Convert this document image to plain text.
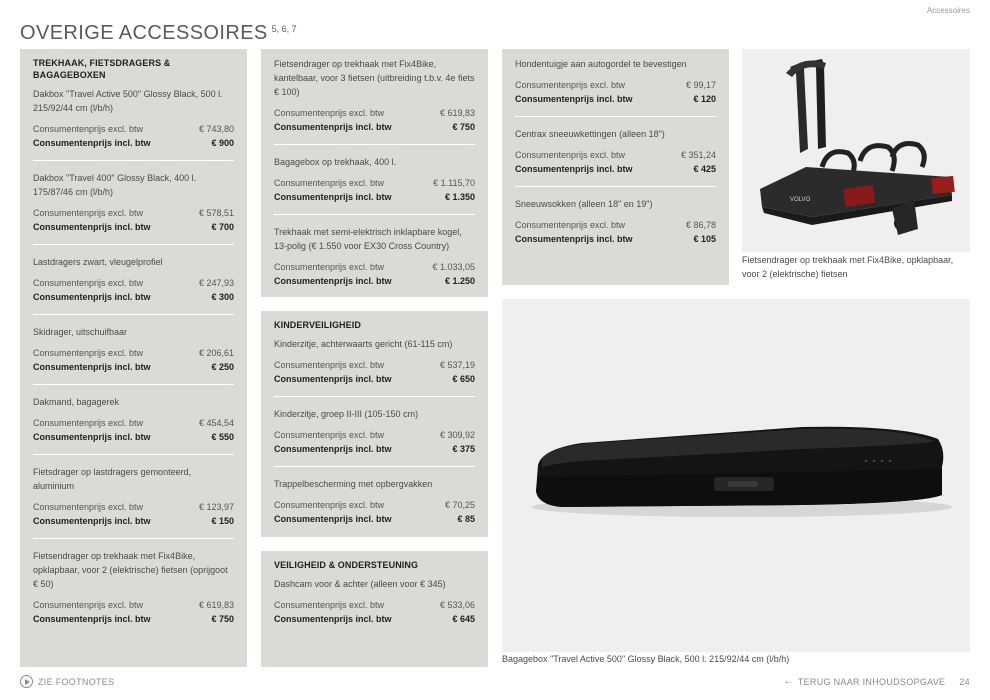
Accessoires
OVERIGE ACCESSOIRES $^{5, 6, 7}$
TREKHAAK, FIETSDRAGERS & BAGAGEBOXEN
Dakbox "Travel Active 500" Glossy Black, 500 l. 215/92/44 cm (l/b/h)
Consumentenprijs excl. btw	€ 743,80
Consumentenprijs incl. btw	€ 900
Dakbox "Travel 400" Glossy Black, 400 l. 175/87/46 cm (l/b/h)
Consumentenprijs excl. btw	€ 578,51
Consumentenprijs incl. btw	€ 700
Lastdragers zwart, vleugelprofiel
Consumentenprijs excl. btw	€ 247,93
Consumentenprijs incl. btw	€ 300
Skidrager, uitschuifbaar
Consumentenprijs excl. btw	€ 206,61
Consumentenprijs incl. btw	€ 250
Dakmand, bagagerek
Consumentenprijs excl. btw	€ 454,54
Consumentenprijs incl. btw	€ 550
Fietsdrager op lastdragers gemonteerd, aluminium
Consumentenprijs excl. btw	€ 123,97
Consumentenprijs incl. btw	€ 150
Fietsendrager op trekhaak met Fix4Bike, opklapbaar, voor 2 (elektrische) fietsen (oprijgoot € 50)
Consumentenprijs excl. btw	€ 619,83
Consumentenprijs incl. btw	€ 750
Fietsendrager op trekhaak met Fix4Bike, kantelbaar, voor 3 fietsen (uitbreiding t.b.v. 4e fiets € 100)
Consumentenprijs excl. btw	€ 619,83
Consumentenprijs incl. btw	€ 750
Bagagebox op trekhaak, 400 l.
Consumentenprijs excl. btw	€ 1.115,70
Consumentenprijs incl. btw	€ 1.350
Trekhaak met semi-elektrisch inklapbare kogel, 13-polig (€ 1.550 voor EX30 Cross Country)
Consumentenprijs excl. btw	€ 1.033,05
Consumentenprijs incl. btw	€ 1.250
KINDERVEILIGHEID
Kinderzitje, achterwaarts gericht (61-115 cm)
Consumentenprijs excl. btw	€ 537,19
Consumentenprijs incl. btw	€ 650
Kinderzitje, groep II-III (105-150 cm)
Consumentenprijs excl. btw	€ 309,92
Consumentenprijs incl. btw	€ 375
Trappelbescherming met opbergvakken
Consumentenprijs excl. btw	€ 70,25
Consumentenprijs incl. btw	€ 85
VEILIGHEID & ONDERSTEUNING
Dashcam voor & achter (alleen voor € 345)
Consumentenprijs excl. btw	€ 533,06
Consumentenprijs incl. btw	€ 645
Hondentuigje aan autogordel te bevestigen
Consumentenprijs excl. btw	€ 99,17
Consumentenprijs incl. btw	€ 120
Centrax sneeuwkettingen (alleen 18")
Consumentenprijs excl. btw	€ 351,24
Consumentenprijs incl. btw	€ 425
Sneeuwsokken (alleen 18" en 19")
Consumentenprijs excl. btw	€ 86,78
Consumentenprijs incl. btw	€ 105
VOLVO
Fietsendrager op trekhaak met Fix4Bike, opklapbaar, voor 2 (elektrische) fietsen
Bagagebox "Travel Active 500" Glossy Black, 500 l. 215/92/44 cm (l/b/h)
ZIE FOOTNOTES	← TERUG NAAR INHOUDSOPGAVE 24
